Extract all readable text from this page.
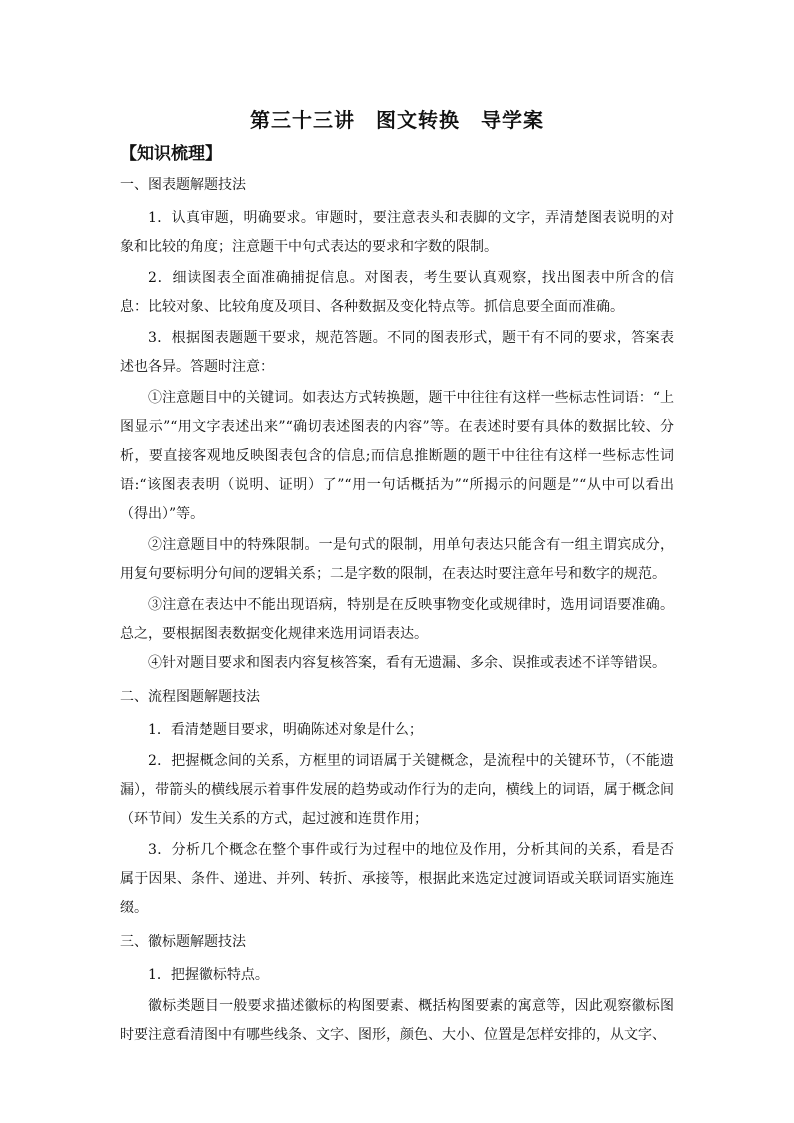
第三十三讲　图文转换　导学案
【知识梳理】
一、图表题解题技法
1．认真审题，明确要求。审题时，要注意表头和表脚的文字，弄清楚图表说明的对象和比较的角度；注意题干中句式表达的要求和字数的限制。
2．细读图表全面准确捕捉信息。对图表，考生要认真观察，找出图表中所含的信息：比较对象、比较角度及项目、各种数据及变化特点等。抓信息要全面而准确。
3．根据图表题题干要求，规范答题。不同的图表形式，题干有不同的要求，答案表述也各异。答题时注意：
①注意题目中的关键词。如表达方式转换题，题干中往往有这样一些标志性词语：“上图显示”“用文字表述出来”“确切表述图表的内容”等。在表述时要有具体的数据比较、分析，要直接客观地反映图表包含的信息;而信息推断题的题干中往往有这样一些标志性词语:“该图表表明（说明、证明）了”“用一句话概括为”“所揭示的问题是”“从中可以看出（得出）”等。
②注意题目中的特殊限制。一是句式的限制，用单句表达只能含有一组主谓宾成分，用复句要标明分句间的逻辑关系；二是字数的限制，在表达时要注意年号和数字的规范。
③注意在表达中不能出现语病，特别是在反映事物变化或规律时，选用词语要准确。总之，要根据图表数据变化规律来选用词语表达。
④针对题目要求和图表内容复核答案，看有无遗漏、多余、误推或表述不详等错误。
二、流程图题解题技法
1．看清楚题目要求，明确陈述对象是什么；
2．把握概念间的关系，方框里的词语属于关键概念，是流程中的关键环节，（不能遗漏），带箭头的横线展示着事件发展的趋势或动作行为的走向，横线上的词语，属于概念间（环节间）发生关系的方式，起过渡和连贯作用；
3．分析几个概念在整个事件或行为过程中的地位及作用，分析其间的关系，看是否属于因果、条件、递进、并列、转折、承接等，根据此来选定过渡词语或关联词语实施连缀。
三、徽标题解题技法
1．把握徽标特点。
徽标类题目一般要求描述徽标的构图要素、概括构图要素的寓意等，因此观察徽标图时要注意看清图中有哪些线条、文字、图形，颜色、大小、位置是怎样安排的，从文字、
